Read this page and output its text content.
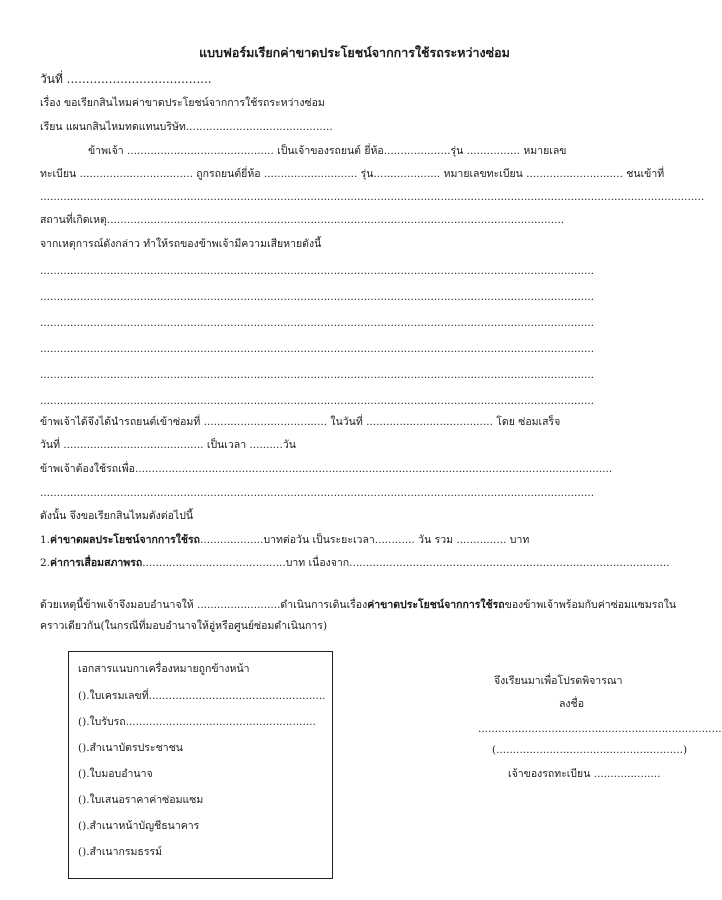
แบบฟอร์มเรียกค่าขาดประโยชน์จากการใช้รถระหว่างซ่อม
วันที่ ......................................
เรื่อง ขอเรียกสินไหมค่าขาดประโยชน์จากการใช้รถระหว่างซ่อม
เรียน แผนกสินไหมทดแทนบริษัท............................................
ข้าพเจ้า ............................................ เป็นเจ้าของรถยนต์ ยี่ห้อ....................รุ่น ................ หมายเลข
ทะเบียน .................................. ถูกรถยนต์ยี่ห้อ ............................ รุ่น.................... หมายเลขทะเบียน ............................. ชนเข้าที่
.......................................................................................................................................................................................................
สถานที่เกิดเหตุ.........................................................................................................................................
จากเหตุการณ์ดังกล่าว ทำให้รถของข้าพเจ้ามีความเสียหายดังนี้
......................................................................................................................................................................
......................................................................................................................................................................
......................................................................................................................................................................
......................................................................................................................................................................
......................................................................................................................................................................
......................................................................................................................................................................
ข้าพเจ้าได้จึงได้นำรถยนต์เข้าซ่อมที่ ..................................... ในวันที่ ...................................... โดย ซ่อมเสร็จ
วันที่ .......................................... เป็นเวลา ..........วัน
ข้าพเจ้าต้องใช้รถเพื่อ...............................................................................................................................................
......................................................................................................................................................................
ดังนั้น จึงขอเรียกสินไหมดังต่อไปนี้
1.ค่าขาดผลประโยชน์จากการใช้รถ...................บาทต่อวัน เป็นระยะเวลา............ วัน รวม ............... บาท
2.ค่าการเสื่อมสภาพรถ...........................................บาท เนื่องจาก................................................................................................
ด้วยเหตุนี้ข้าพเจ้าจึงมอบอำนาจให้ .........................ดำเนินการเดินเรื่องค่าขาดประโยชน์จากการใช้รถของข้าพเจ้าพร้อมกับค่าซ่อมแซมรถใน
คราวเดียวกัน(ในกรณีที่มอบอำนาจให้อู่หรือศูนย์ซ่อมดำเนินการ)
เอกสารแนบกาเครื่องหมายถูกข้างหน้า
().ใบเครมเลขที่.....................................................
().ใบรับรถ.........................................................
().สำเนาบัตรประชาชน
().ใบมอบอำนาจ
().ใบเสนอราคาค่าซ่อมแซม
().สำเนาหน้าบัญชีธนาคาร
().สำเนากรมธรรม์
จึงเรียนมาเพื่อโปรดพิจารณา
ลงชื่อ
.........................................................................
(........................................................)
เจ้าของรถทะเบียน ....................
